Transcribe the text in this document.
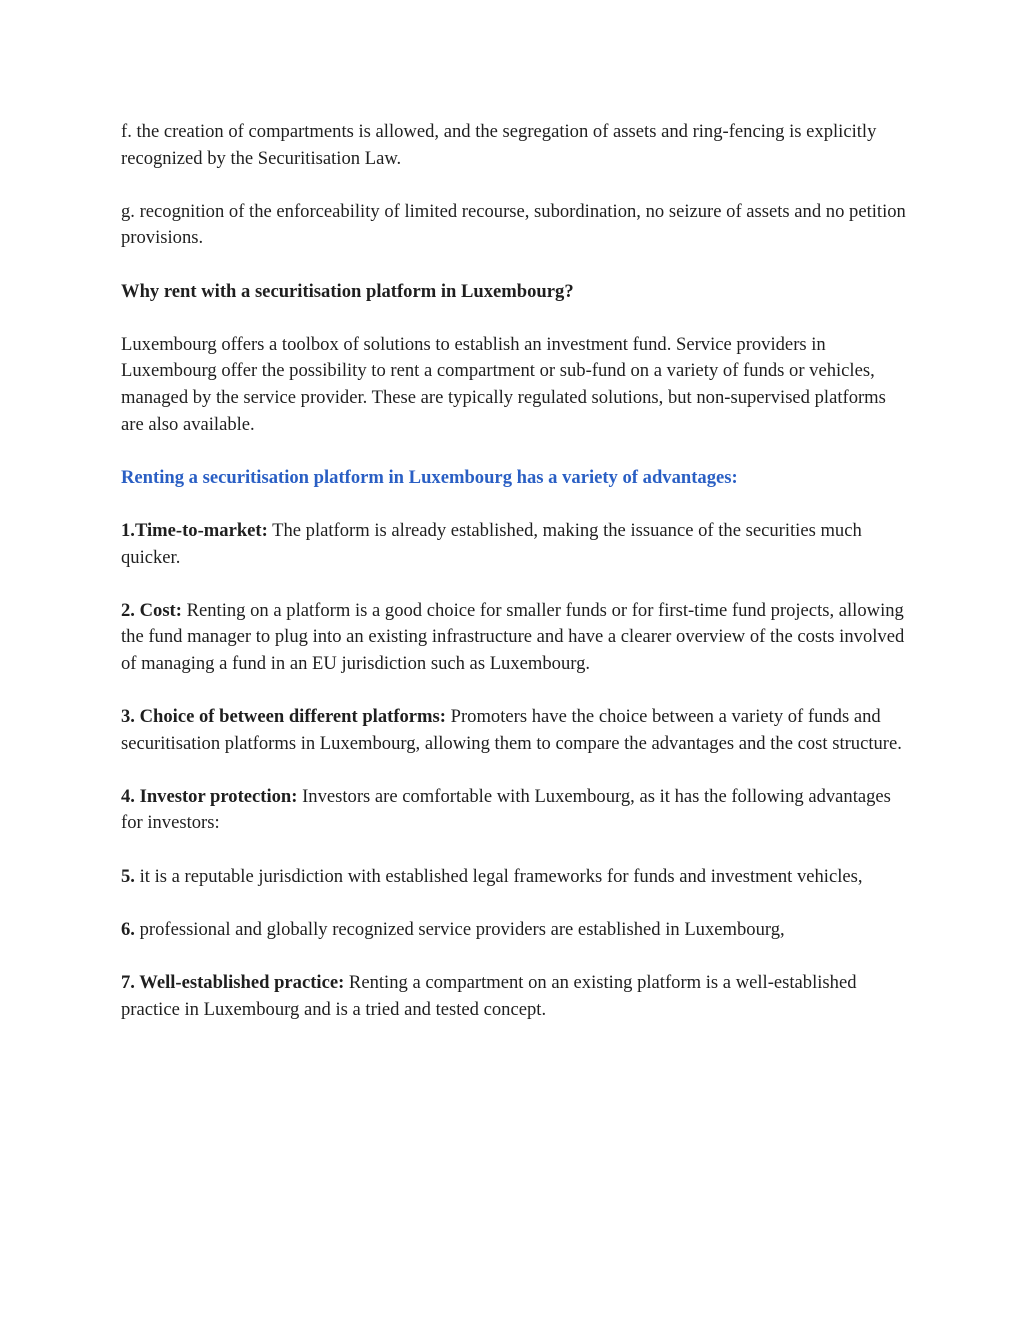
f. the creation of compartments is allowed, and the segregation of assets and ring-fencing is explicitly recognized by the Securitisation Law.

g. recognition of the enforceability of limited recourse, subordination, no seizure of assets and no petition provisions.

Why rent with a securitisation platform in Luxembourg?

Luxembourg offers a toolbox of solutions to establish an investment fund. Service providers in Luxembourg offer the possibility to rent a compartment or sub-fund on a variety of funds or vehicles, managed by the service provider. These are typically regulated solutions, but non-supervised platforms are also available.

Renting a securitisation platform in Luxembourg has a variety of advantages:

1.Time-to-market: The platform is already established, making the issuance of the securities much quicker.

2. Cost: Renting on a platform is a good choice for smaller funds or for first-time fund projects, allowing the fund manager to plug into an existing infrastructure and have a clearer overview of the costs involved of managing a fund in an EU jurisdiction such as Luxembourg.

3. Choice of between different platforms: Promoters have the choice between a variety of funds and securitisation platforms in Luxembourg, allowing them to compare the advantages and the cost structure.

4. Investor protection: Investors are comfortable with Luxembourg, as it has the following advantages for investors:

5. it is a reputable jurisdiction with established legal frameworks for funds and investment vehicles,

6. professional and globally recognized service providers are established in Luxembourg,

7. Well-established practice: Renting a compartment on an existing platform is a well-established practice in Luxembourg and is a tried and tested concept.
